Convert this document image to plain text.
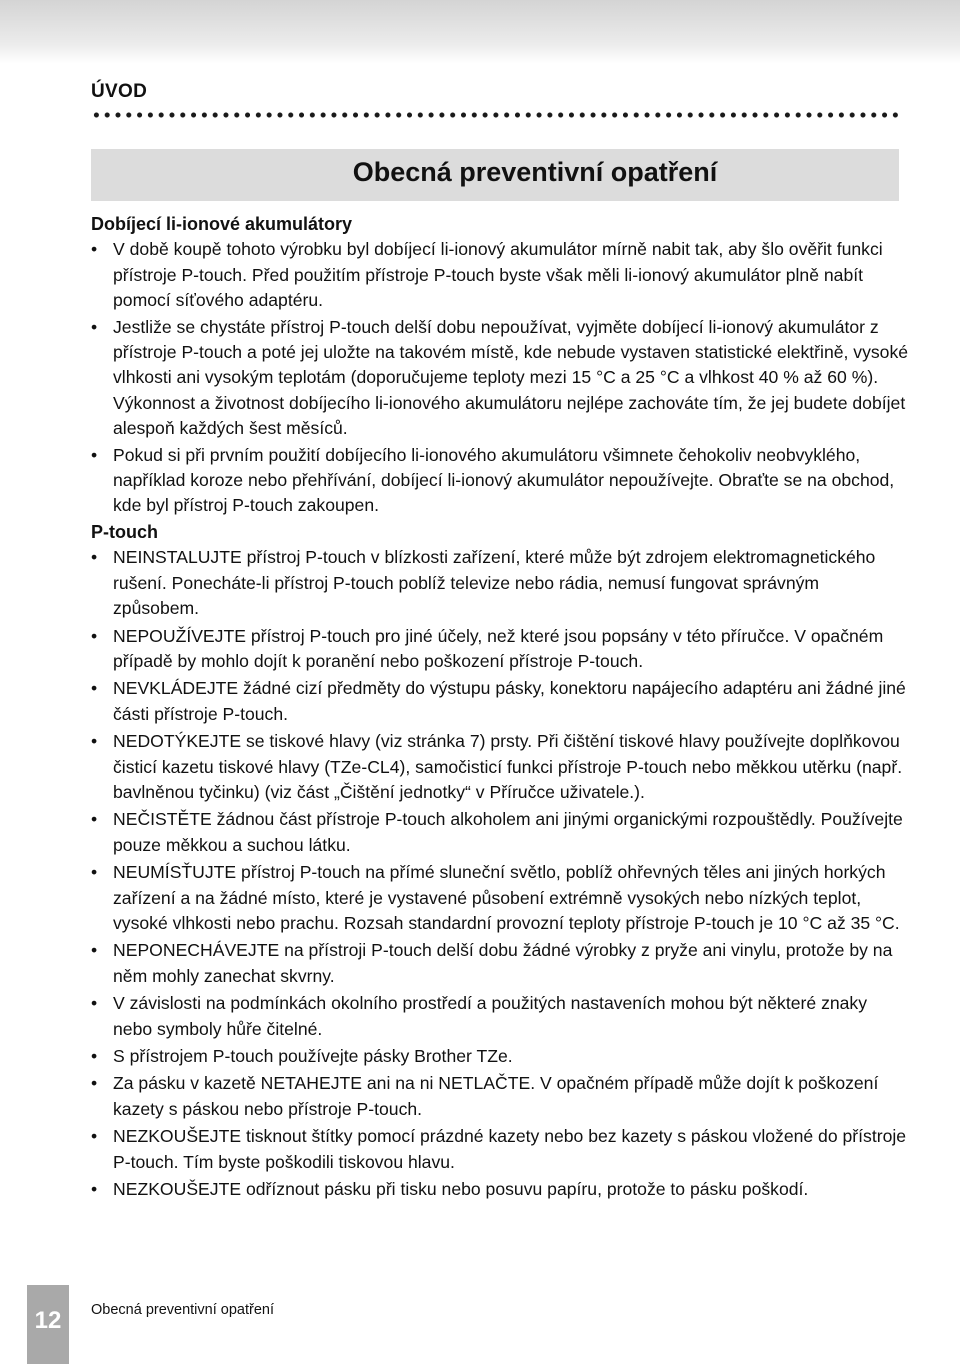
ÚVOD
Obecná preventivní opatření

Dobíjecí li-ionové akumulátory

• V době koupě tohoto výrobku byl dobíjecí li-ionový akumulátor mírně nabit tak, aby šlo ověřit funkci přístroje P-touch. Před použitím přístroje P-touch byste však měli li-ionový akumulátor plně nabít pomocí síťového adaptéru.
• Jestliže se chystáte přístroj P-touch delší dobu nepoužívat, vyjměte dobíjecí li-ionový akumulátor z přístroje P-touch a poté jej uložte na takovém místě, kde nebude vystaven statistické elektřině, vysoké vlhkosti ani vysokým teplotám (doporučujeme teploty mezi 15 °C a 25 °C a vlhkost 40 % až 60 %). Výkonnost a životnost dobíjecího li-ionového akumulátoru nejlépe zachováte tím, že jej budete dobíjet alespoň každých šest měsíců.
• Pokud si při prvním použití dobíjecího li-ionového akumulátoru všimnete čehokoliv neobvyklého, například koroze nebo přehřívání, dobíjecí li-ionový akumulátor nepoužívejte. Obraťte se na obchod, kde byl přístroj P-touch zakoupen.

P-touch

• NEINSTALUJTE přístroj P-touch v blízkosti zařízení, které může být zdrojem elektromagnetického rušení. Ponecháte-li přístroj P-touch poblíž televize nebo rádia, nemusí fungovat správným způsobem.
• NEPOUŽÍVEJTE přístroj P-touch pro jiné účely, než které jsou popsány v této příručce. V opačném případě by mohlo dojít k poranění nebo poškození přístroje P-touch.
• NEVKLÁDEJTE žádné cizí předměty do výstupu pásky, konektoru napájecího adaptéru ani žádné jiné části přístroje P-touch.
• NEDOTÝKEJTE se tiskové hlavy (viz stránka 7) prsty. Při čištění tiskové hlavy používejte doplňkovou čisticí kazetu tiskové hlavy (TZe-CL4), samočisticí funkci přístroje P-touch nebo měkkou utěrku (např. bavlněnou tyčinku) (viz část „Čištění jednotky“ v Příručce uživatele.).
• NEČISTĚTE žádnou část přístroje P-touch alkoholem ani jinými organickými rozpouštědly. Používejte pouze měkkou a suchou látku.
• NEUMÍSŤUJTE přístroj P-touch na přímé sluneční světlo, poblíž ohřevných těles ani jiných horkých zařízení a na žádné místo, které je vystavené působení extrémně vysokých nebo nízkých teplot, vysoké vlhkosti nebo prachu. Rozsah standardní provozní teploty přístroje P-touch je 10 °C až 35 °C.
• NEPONECHÁVEJTE na přístroji P-touch delší dobu žádné výrobky z pryže ani vinylu, protože by na něm mohly zanechat skvrny.
• V závislosti na podmínkách okolního prostředí a použitých nastaveních mohou být některé znaky nebo symboly hůře čitelné.
• S přístrojem P-touch používejte pásky Brother TZe.
• Za pásku v kazetě NETAHEJTE ani na ni NETLAČTE. V opačném případě může dojít k poškození kazety s páskou nebo přístroje P-touch.
• NEZKOUŠEJTE tisknout štítky pomocí prázdné kazety nebo bez kazety s páskou vložené do přístroje P-touch. Tím byste poškodili tiskovou hlavu.
• NEZKOUŠEJTE odříznout pásku při tisku nebo posuvu papíru, protože to pásku poškodí.
12	Obecná preventivní opatření
